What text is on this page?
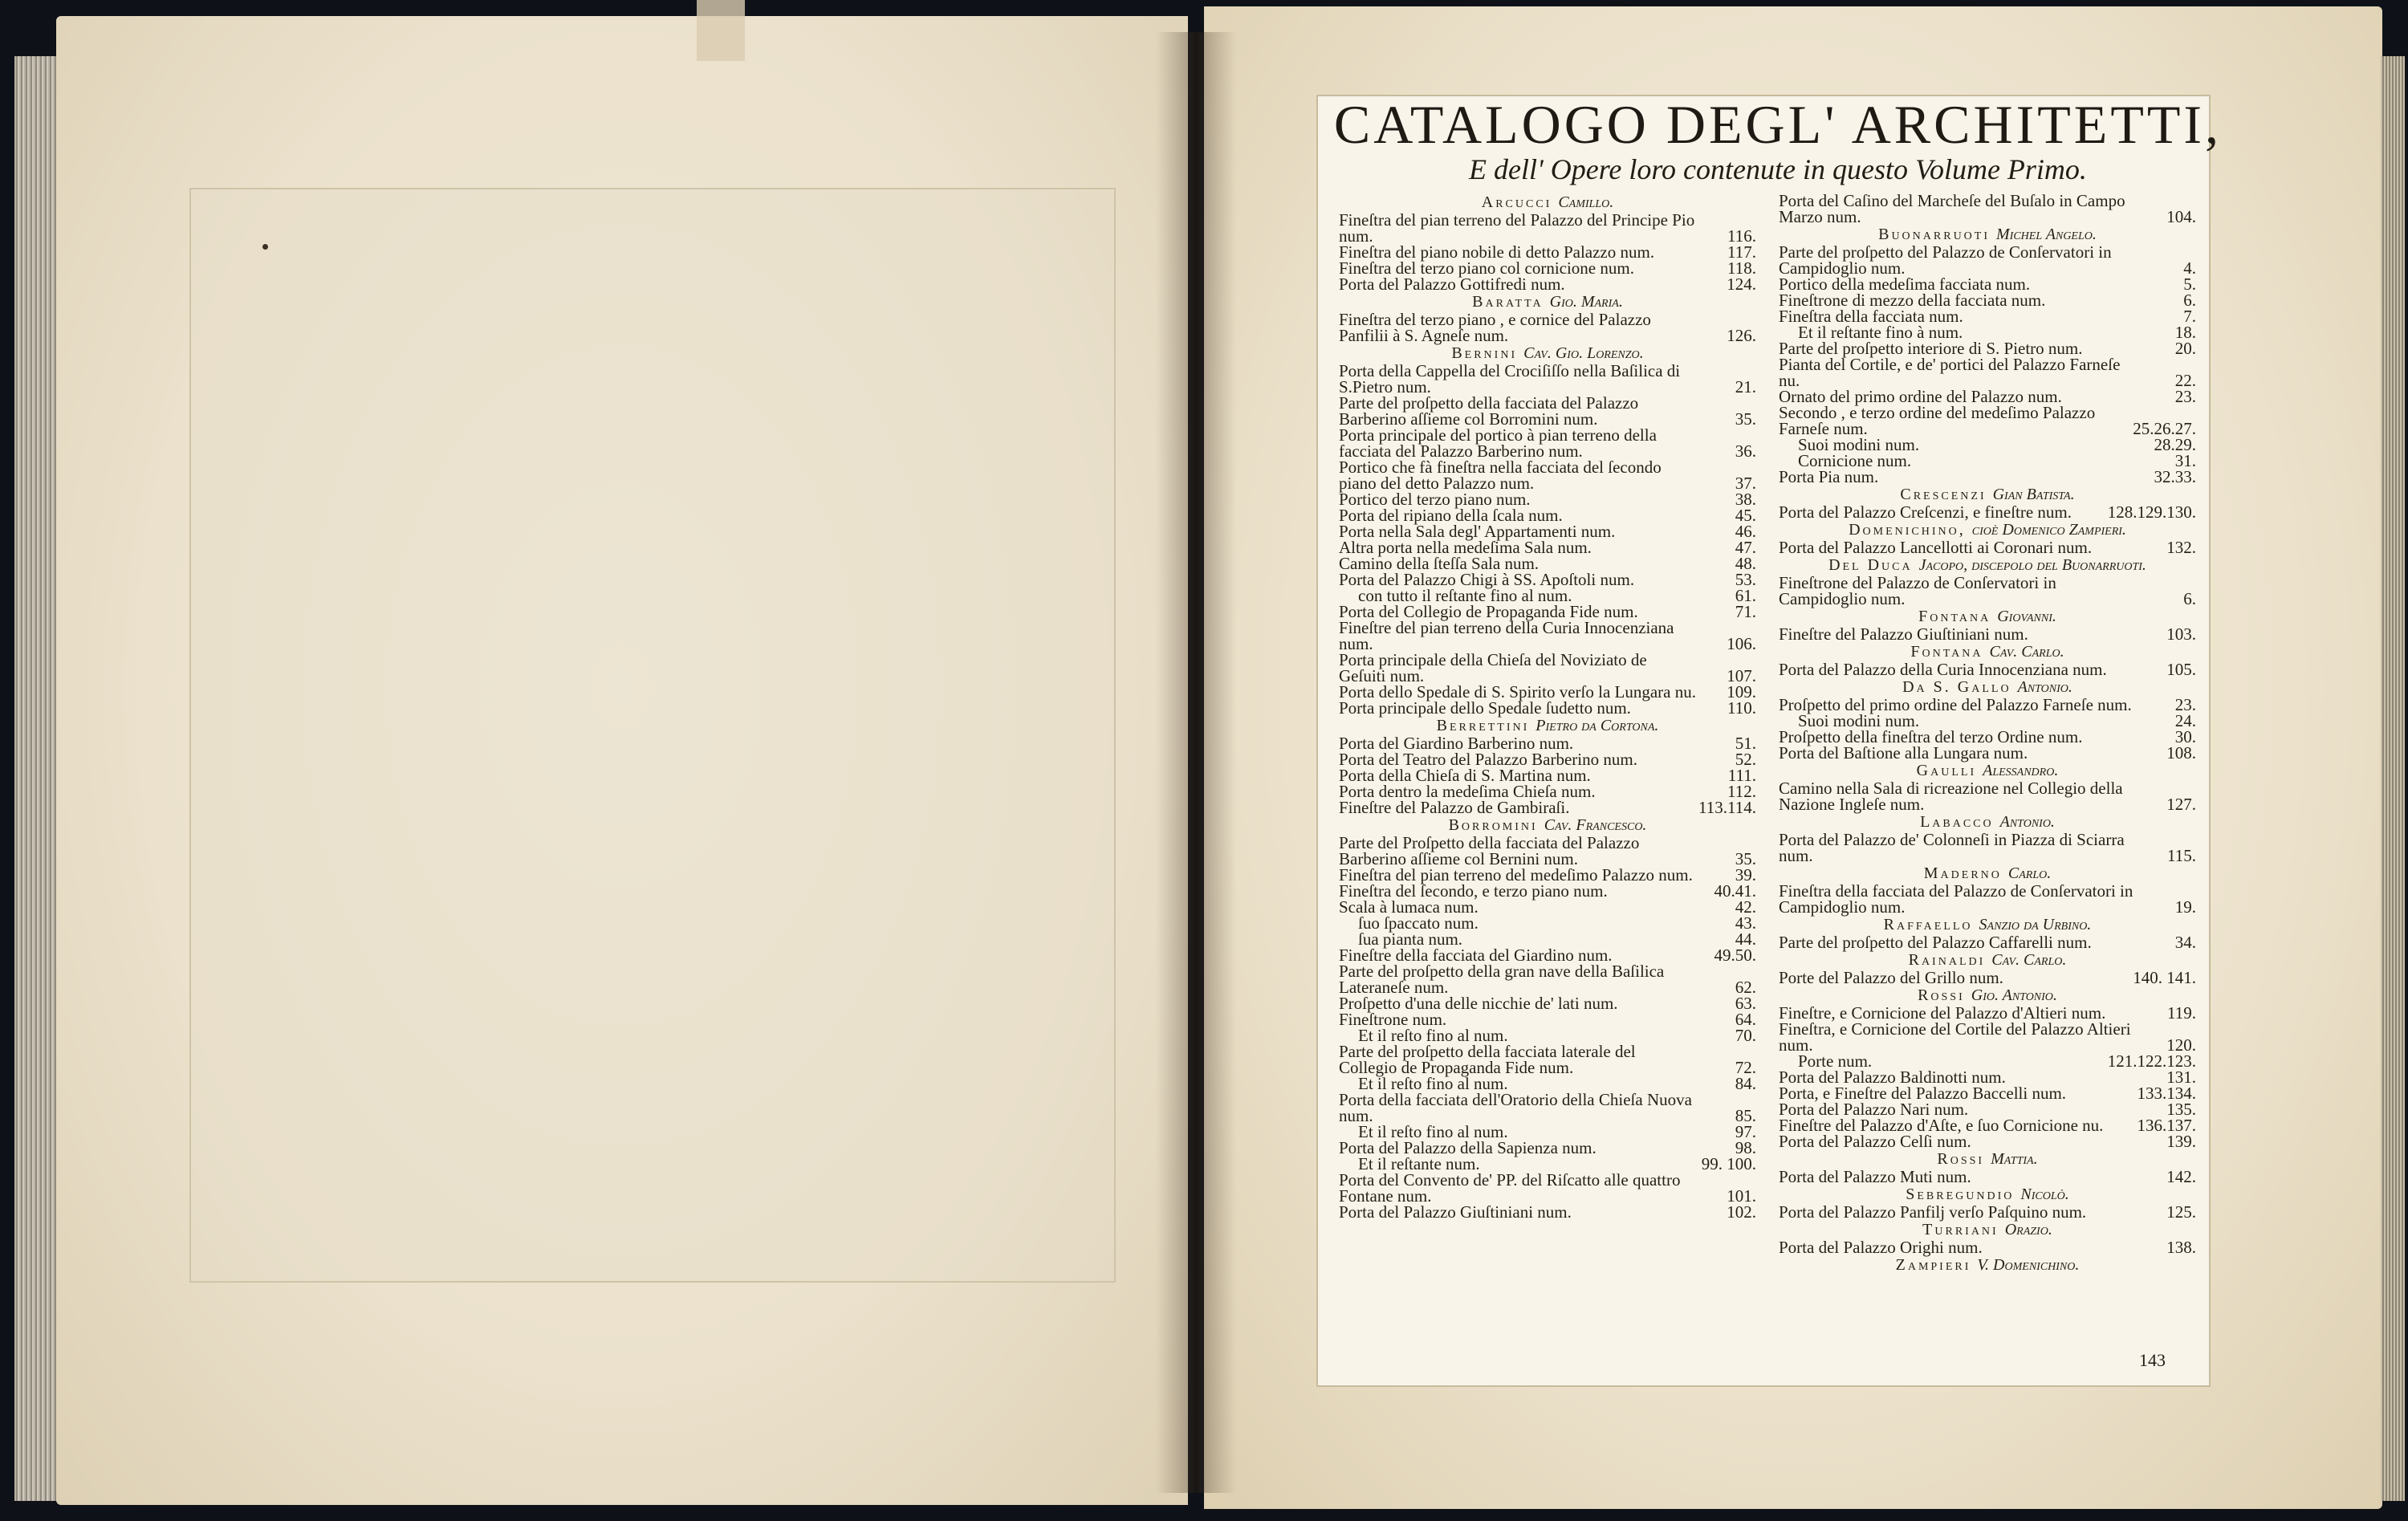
CATALOGO DEGL' ARCHITETTI,
E dell' Opere loro contenute in questo Volume Primo.
Arcucci Camillo.
Fineſtra del pian terreno del Palazzo del Principe Pio num.	116.
Fineſtra del piano nobile di detto Palazzo num.	117.
Fineſtra del terzo piano col cornicione num.	118.
Porta del Palazzo Gottifredi num.	124.
Baratta Gio. Maria.
Fineſtra del terzo piano , e cornice del Palazzo Panfilii à S. Agneſe num.	126.
Bernini Cav. Gio. Lorenzo.
Porta della Cappella del Crociſiſſo nella Baſilica di S.Pietro num.	21.
Parte del proſpetto della facciata del Palazzo Barberino aſſieme col Borromini num.	35.
Porta principale del portico à pian terreno della facciata del Palazzo Barberino num.	36.
Portico che fà fineſtra nella facciata del ſecondo piano del detto Palazzo num.	37.
Portico del terzo piano num.	38.
Porta del ripiano della ſcala num.	45.
Porta nella Sala degl' Appartamenti num.	46.
Altra porta nella medeſima Sala num.	47.
Camino della ſteſſa Sala num.	48.
Porta del Palazzo Chigi à SS. Apoſtoli num.	53.
con tutto il reſtante fino al num.	61.
Porta del Collegio de Propaganda Fide num.	71.
Fineſtre del pian terreno della Curia Innocenziana num.	106.
Porta principale della Chieſa del Noviziato de Geſuiti num.	107.
Porta dello Spedale di S. Spirito verſo la Lungara nu. 109.
Porta principale dello Spedale ſudetto num.	110.
Berrettini Pietro da Cortona.
Porta del Giardino Barberino num.	51.
Porta del Teatro del Palazzo Barberino num.	52.
Porta della Chieſa di S. Martina num.	111.
Porta dentro la medeſima Chieſa num.	112.
Fineſtre del Palazzo de Gambiraſi.	113.114.
Borromini Cav. Franceſco.
Parte del Proſpetto della facciata del Palazzo Barberino aſſieme col Bernini num.	35.
Fineſtra del pian terreno del medeſimo Palazzo num.	39.
Fineſtra del ſecondo, e terzo piano num.	40.41.
Scala à lumaca num.	42.
ſuo ſpaccato num.	43.
ſua pianta num.	44.
Fineſtre della facciata del Giardino num.	49.50.
Parte del proſpetto della gran nave della Baſilica Lateraneſe num.	62.
Proſpetto d'una delle nicchie de' lati num.	63.
Fineſtrone num.	64.
Et il reſto fino al num.	70.
Parte del proſpetto della facciata laterale del Collegio de Propaganda Fide num.	72.
Et il reſto fino al num.	84.
Porta della facciata dell'Oratorio della Chieſa Nuova num.	85.
Et il reſto fino al num.	97.
Porta del Palazzo della Sapienza num.	98.
Et il reſtante num.	99. 100.
Porta del Convento de' PP. del Riſcatto alle quattro Fontane num.	101.
Porta del Palazzo Giuſtiniani num.	102.
Porta del Caſino del Marcheſe del Buſalo in Campo Marzo num.	104.
Buonarruoti Michel Angelo.
Parte del proſpetto del Palazzo de Conſervatori in Campidoglio num.	4.
Portico della medeſima facciata num.	5.
Fineſtrone di mezzo della facciata num.	6.
Fineſtra della facciata num.	7.
Et il reſtante fino à num.	18.
Parte del proſpetto interiore di S. Pietro num.	20.
Pianta del Cortile, e de' portici del Palazzo Farneſe nu.	22.
Ornato del primo ordine del Palazzo num.	23.
Secondo , e terzo ordine del medeſimo Palazzo Farneſe num.	25.26.27.
Suoi modini num.	28.29.
Cornicione num.	31.
Porta Pia num.	32.33.
Crescenzi Gian Batiſta.
Porta del Palazzo Creſcenzi, e fineſtre num.	128.129.130.
Domenichino, cioè Domenico Zampieri.
Porta del Palazzo Lancellotti ai Coronari num.	132.
Del Duca Jacopo, diſcepolo del Buonarruoti.
Fineſtrone del Palazzo de Conſervatori in Campidoglio num.	6.
Fontana Giovanni.
Fineſtre del Palazzo Giuſtiniani num.	103.
Fontana Cav. Carlo.
Porta del Palazzo della Curia Innocenziana num.	105.
Da S. Gallo Antonio.
Proſpetto del primo ordine del Palazzo Farneſe num.	23.
Suoi modini num.	24.
Proſpetto della fineſtra del terzo Ordine num.	30.
Porta del Baſtione alla Lungara num.	108.
Gaulli Aleſſandro.
Camino nella Sala di ricreazione nel Collegio della Nazione Ingleſe num.	127.
Labacco Antonio.
Porta del Palazzo de' Colonneſi in Piazza di Sciarra num.	115.
Maderno Carlo.
Fineſtra della facciata del Palazzo de Conſervatori in Campidoglio num.	19.
Raffaello Sanzio da Urbino.
Parte del proſpetto del Palazzo Caffarelli num.	34.
Rainaldi Cav. Carlo.
Porte del Palazzo del Grillo num.	140. 141.
Rossi Gio. Antonio.
Fineſtre, e Cornicione del Palazzo d'Altieri num.	119.
Fineſtra, e Cornicione del Cortile del Palazzo Altieri num.	120.
Porte num.	121.122.123.
Porta del Palazzo Baldinotti num.	131.
Porta, e Fineſtre del Palazzo Baccelli num.	133.134.
Porta del Palazzo Nari num.	135.
Fineſtre del Palazzo d'Aſte, e ſuo Cornicione nu.	136.137.
Porta del Palazzo Celſi num.	139.
Rossi Mattia.
Porta del Palazzo Muti num.	142.
Sebregundio Nicolò.
Porta del Palazzo Panfilj verſo Paſquino num.	125.
Turriani Orazio.
Porta del Palazzo Orighi num.	138.
Zampieri V. Domenichino.
143
